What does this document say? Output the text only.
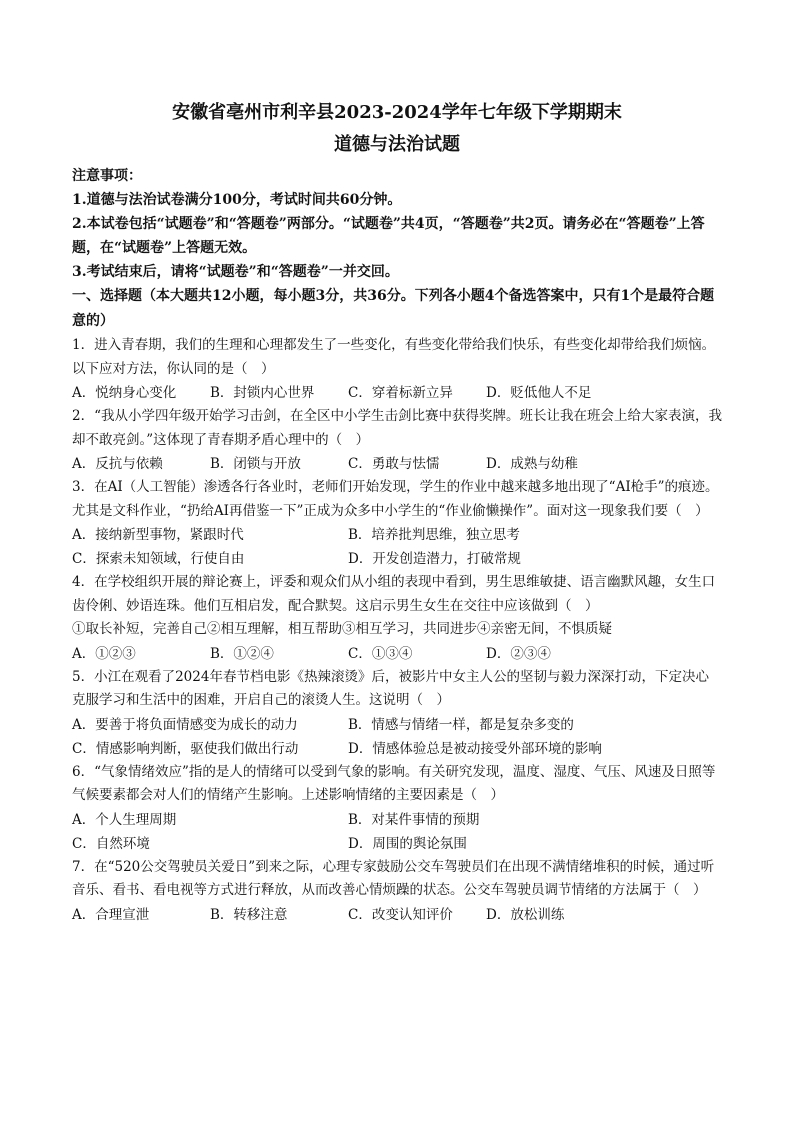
安徽省亳州市利辛县2023-2024学年七年级下学期期末
道德与法治试题
注意事项：
1.道德与法治试卷满分100分，考试时间共60分钟。
2.本试卷包括“试题卷”和“答题卷”两部分。“试题卷”共4页，“答题卷”共2页。请务必在“答题卷”上答题，在“试题卷”上答题无效。
3.考试结束后，请将“试题卷”和“答题卷”一并交回。
一、选择题（本大题共12小题，每小题3分，共36分。下列各小题4个备选答案中，只有1个是最符合题意的）
1．进入青春期，我们的生理和心理都发生了一些变化，有些变化带给我们快乐，有些变化却带给我们烦恼。以下应对方法，你认同的是（　）
A．悦纳身心变化	B．封锁内心世界	C．穿着标新立异	D．贬低他人不足
2．“我从小学四年级开始学习击剑，在全区中小学生击剑比赛中获得奖牌。班长让我在班会上给大家表演，我却不敢亮剑。”这体现了青春期矛盾心理中的（　）
A．反抗与依赖	B．闭锁与开放	C．勇敢与怯懦	D．成熟与幼稚
3．在AI（人工智能）渗透各行各业时，老师们开始发现，学生的作业中越来越多地出现了“AI枪手”的痕迹。尤其是文科作业，“扔给AI再借鉴一下”正成为众多中小学生的“作业偷懒操作”。面对这一现象我们要（　）
A．接纳新型事物，紧跟时代	B．培养批判思维，独立思考
C．探索未知领域，行使自由	D．开发创造潜力，打破常规
4．在学校组织开展的辩论赛上，评委和观众们从小组的表现中看到，男生思维敏捷、语言幽默风趣，女生口齿伶俐、妙语连珠。他们互相启发，配合默契。这启示男生女生在交往中应该做到（　）
①取长补短，完善自己②相互理解，相互帮助③相互学习，共同进步④亲密无间，不惧质疑
A．①②③	B．①②④	C．①③④	D．②③④
5．小江在观看了2024年春节档电影《热辣滚烫》后，被影片中女主人公的坚韧与毅力深深打动，下定决心克服学习和生活中的困难，开启自己的滚烫人生。这说明（　）
A．要善于将负面情感变为成长的动力	B．情感与情绪一样，都是复杂多变的
C．情感影响判断，驱使我们做出行动	D．情感体验总是被动接受外部环境的影响
6．“气象情绪效应”指的是人的情绪可以受到气象的影响。有关研究发现，温度、湿度、气压、风速及日照等气候要素都会对人们的情绪产生影响。上述影响情绪的主要因素是（　）
A．个人生理周期	B．对某件事情的预期
C．自然环境	D．周围的舆论氛围
7．在“520公交驾驶员关爱日”到来之际，心理专家鼓励公交车驾驶员们在出现不满情绪堆积的时候，通过听音乐、看书、看电视等方式进行释放，从而改善心情烦躁的状态。公交车驾驶员调节情绪的方法属于（　）
A．合理宣泄	B．转移注意	C．改变认知评价	D．放松训练
